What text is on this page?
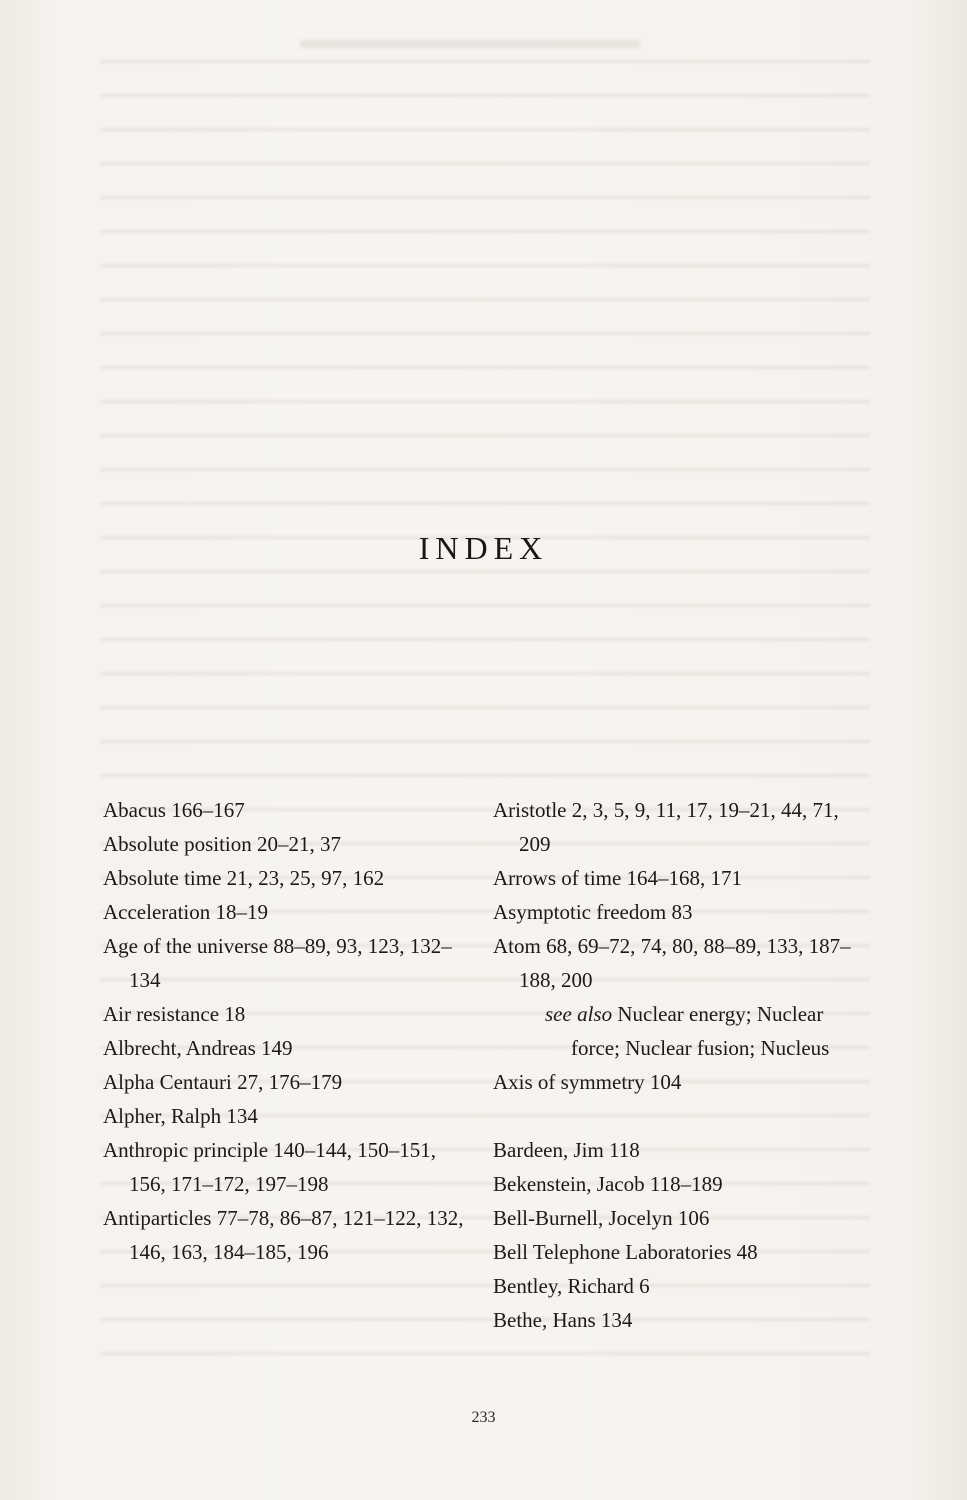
INDEX
Abacus 166–167
Absolute position 20–21, 37
Absolute time 21, 23, 25, 97, 162
Acceleration 18–19
Age of the universe 88–89, 93, 123, 132–134
Air resistance 18
Albrecht, Andreas 149
Alpha Centauri 27, 176–179
Alpher, Ralph 134
Anthropic principle 140–144, 150–151, 156, 171–172, 197–198
Antiparticles 77–78, 86–87, 121–122, 132, 146, 163, 184–185, 196
Aristotle 2, 3, 5, 9, 11, 17, 19–21, 44, 71, 209
Arrows of time 164–168, 171
Asymptotic freedom 83
Atom 68, 69–72, 74, 80, 88–89, 133, 187–188, 200
see also Nuclear energy; Nuclear force; Nuclear fusion; Nucleus
Axis of symmetry 104
Bardeen, Jim 118
Bekenstein, Jacob 118–189
Bell-Burnell, Jocelyn 106
Bell Telephone Laboratories 48
Bentley, Richard 6
Bethe, Hans 134
233
